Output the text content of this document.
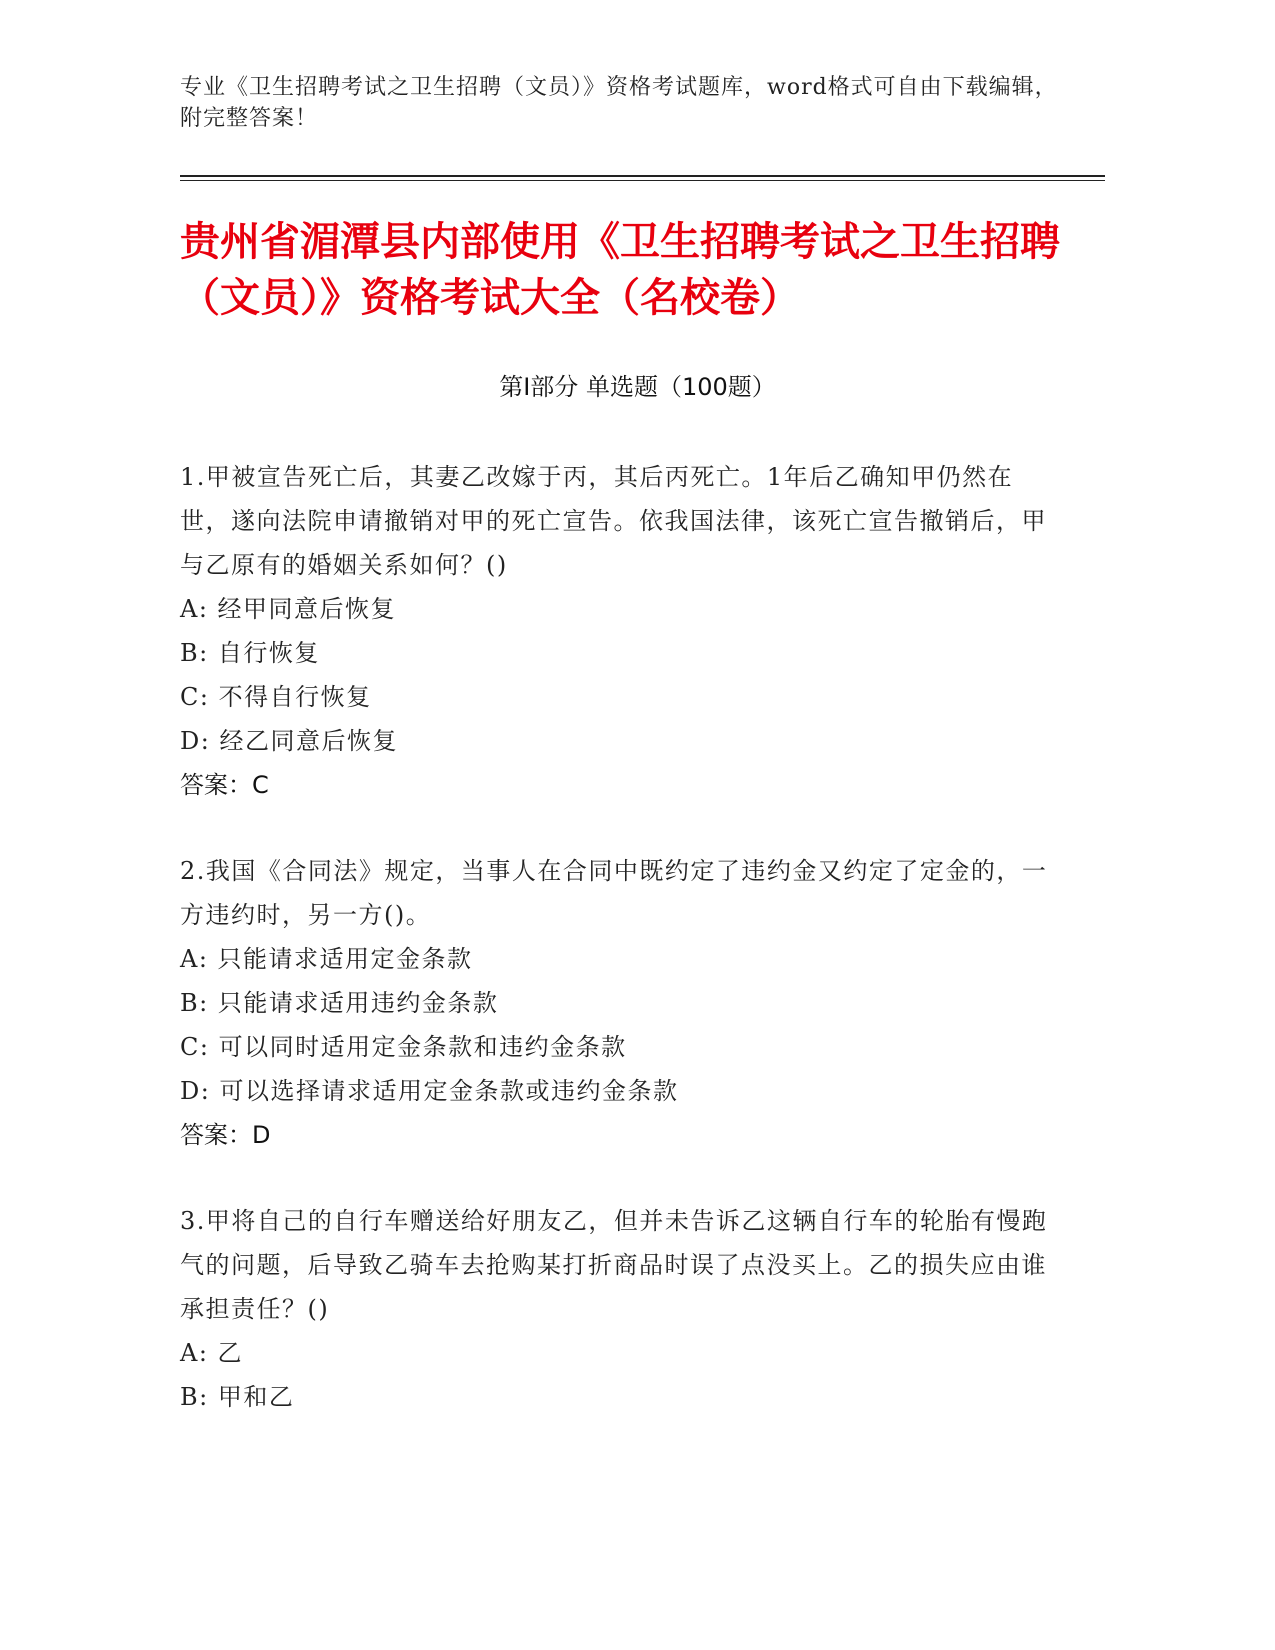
专业《卫生招聘考试之卫生招聘（文员）》资格考试题库，word格式可自由下载编辑，附完整答案！
贵州省湄潭县内部使用《卫生招聘考试之卫生招聘（文员）》资格考试大全（名校卷）
第Ⅰ部分 单选题（100题）
1.甲被宣告死亡后，其妻乙改嫁于丙，其后丙死亡。1年后乙确知甲仍然在世，遂向法院申请撤销对甲的死亡宣告。依我国法律，该死亡宣告撤销后，甲与乙原有的婚姻关系如何？()
A: 经甲同意后恢复
B: 自行恢复
C: 不得自行恢复
D: 经乙同意后恢复
答案：C
2.我国《合同法》规定，当事人在合同中既约定了违约金又约定了定金的，一方违约时，另一方()。
A: 只能请求适用定金条款
B: 只能请求适用违约金条款
C: 可以同时适用定金条款和违约金条款
D: 可以选择请求适用定金条款或违约金条款
答案：D
3.甲将自己的自行车赠送给好朋友乙，但并未告诉乙这辆自行车的轮胎有慢跑气的问题，后导致乙骑车去抢购某打折商品时误了点没买上。乙的损失应由谁承担责任？()
A: 乙
B: 甲和乙
